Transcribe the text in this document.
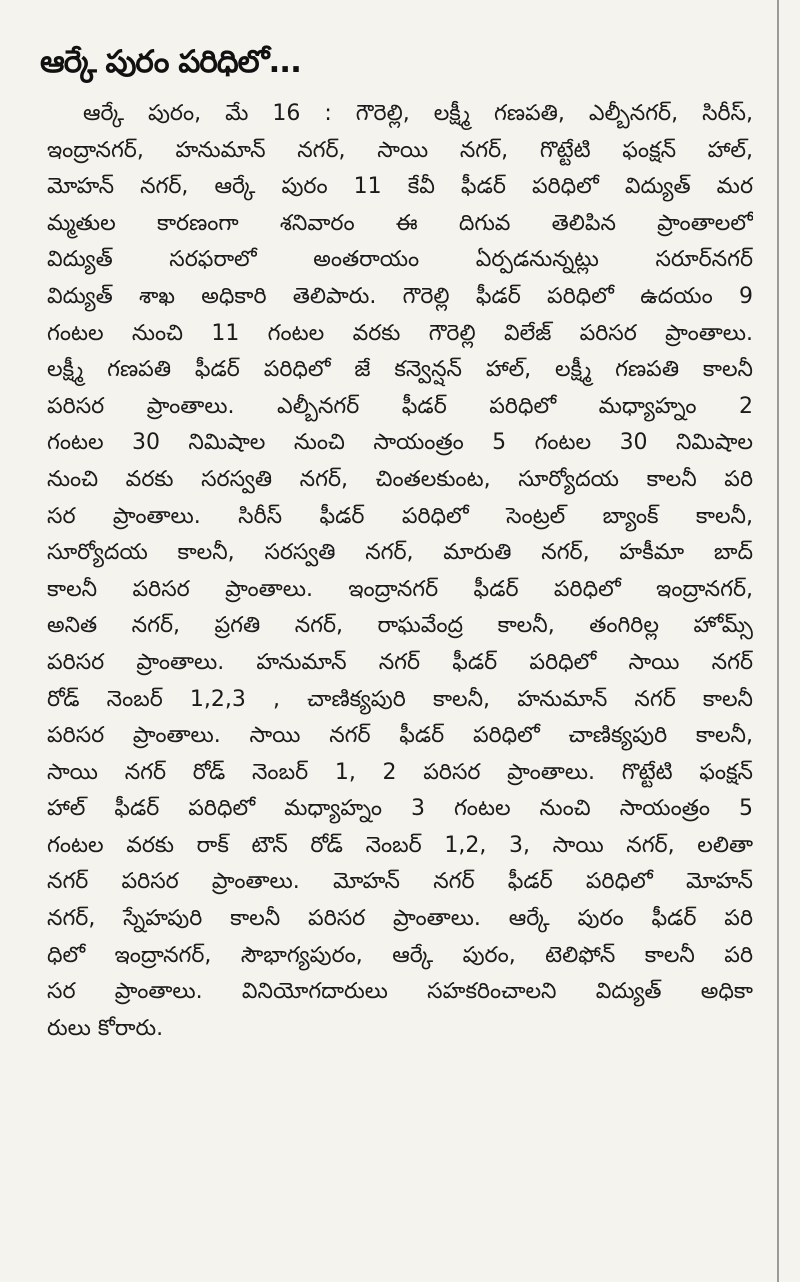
ఆర్కే పురం పరిధిలో...
ఆర్కే పురం, మే 16 : గౌరెల్లి, లక్ష్మీ గణపతి, ఎల్బీనగర్, సిరీస్,
ఇంద్రానగర్, హనుమాన్ నగర్, సాయి నగర్, గొట్టేటి ఫంక్షన్ హాల్,
మోహన్ నగర్, ఆర్కే పురం 11 కేవీ ఫీడర్ పరిధిలో విద్యుత్ మర
మ్మతుల కారణంగా శనివారం ఈ దిగువ తెలిపిన ప్రాంతాలలో
విద్యుత్ సరఫరాలో అంతరాయం ఏర్పడనున్నట్లు సరూర్‌నగర్
విద్యుత్ శాఖ అధికారి తెలిపారు. గౌరెల్లి ఫీడర్ పరిధిలో ఉదయం 9
గంటల నుంచి 11 గంటల వరకు గౌరెల్లి విలేజ్ పరిసర ప్రాంతాలు.
లక్ష్మీ గణపతి ఫీడర్ పరిధిలో జే కన్వెన్షన్ హాల్, లక్ష్మీ గణపతి కాలనీ
పరిసర ప్రాంతాలు. ఎల్బీనగర్ ఫీడర్ పరిధిలో మధ్యాహ్నం 2
గంటల 30 నిమిషాల నుంచి సాయంత్రం 5 గంటల 30 నిమిషాల
నుంచి వరకు సరస్వతి నగర్, చింతలకుంట, సూర్యోదయ కాలనీ పరి
సర ప్రాంతాలు. సిరీస్ ఫీడర్ పరిధిలో సెంట్రల్ బ్యాంక్ కాలనీ,
సూర్యోదయ కాలనీ, సరస్వతి నగర్, మారుతి నగర్, హకీమా బాద్
కాలనీ పరిసర ప్రాంతాలు. ఇంద్రానగర్ ఫీడర్ పరిధిలో ఇంద్రానగర్,
అనిత నగర్, ప్రగతి నగర్, రాఘవేంద్ర కాలనీ, తంగిరిల్ల హోమ్స్
పరిసర ప్రాంతాలు. హనుమాన్ నగర్ ఫీడర్ పరిధిలో సాయి నగర్
రోడ్ నెంబర్ 1,2,3 , చాణిక్యపురి కాలనీ, హనుమాన్ నగర్ కాలనీ
పరిసర ప్రాంతాలు. సాయి నగర్ ఫీడర్ పరిధిలో చాణిక్యపురి కాలనీ,
సాయి నగర్ రోడ్ నెంబర్ 1, 2 పరిసర ప్రాంతాలు. గొట్టేటి ఫంక్షన్
హాల్ ఫీడర్ పరిధిలో మధ్యాహ్నం 3 గంటల నుంచి సాయంత్రం 5
గంటల వరకు రాక్ టౌన్ రోడ్ నెంబర్ 1,2, 3, సాయి నగర్, లలితా
నగర్ పరిసర ప్రాంతాలు. మోహన్ నగర్ ఫీడర్ పరిధిలో మోహన్
నగర్, స్నేహపురి కాలనీ పరిసర ప్రాంతాలు. ఆర్కే పురం ఫీడర్ పరి
ధిలో ఇంద్రానగర్, సౌభాగ్యపురం, ఆర్కే పురం, టెలిఫోన్ కాలనీ పరి
సర ప్రాంతాలు. వినియోగదారులు సహకరించాలని విద్యుత్ అధికా
రులు కోరారు.
